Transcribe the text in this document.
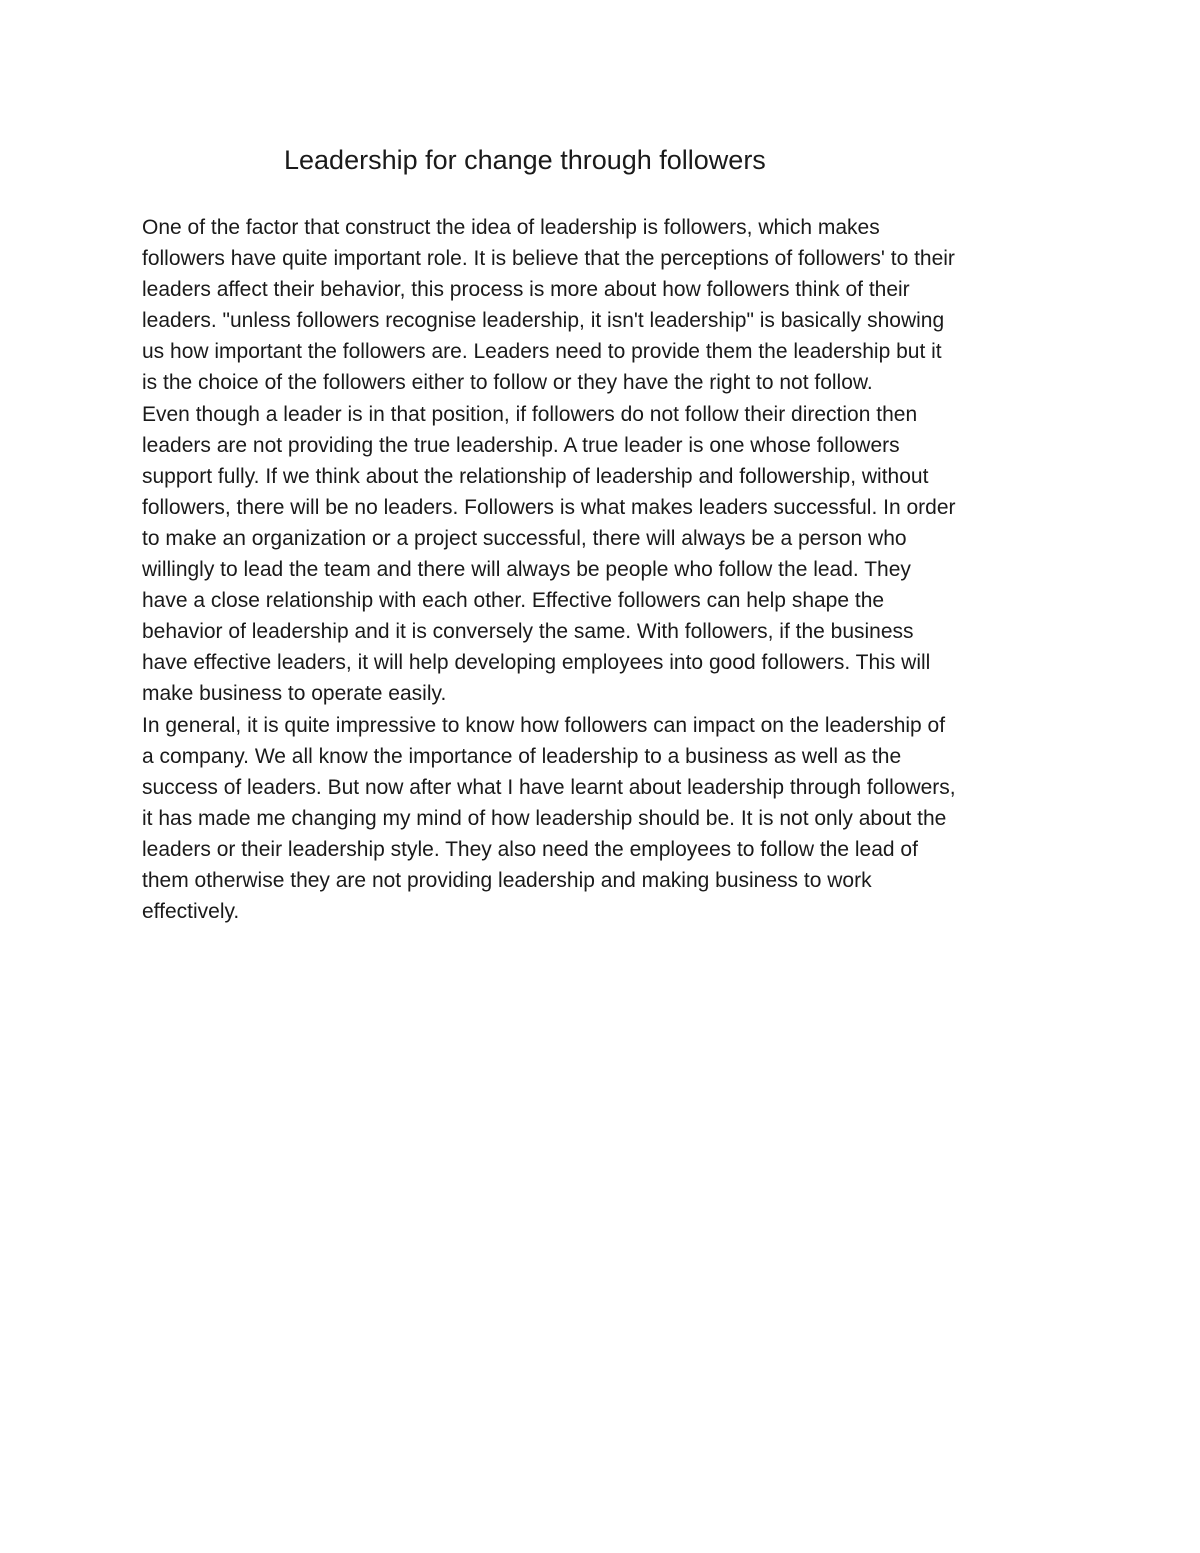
Leadership for change through followers
One of the factor that construct the idea of leadership is followers, which makes
followers have quite important role. It is believe that the perceptions of followers' to their
leaders affect their behavior, this process is more about how followers think of their
leaders. "unless followers recognise leadership, it isn't leadership" is basically showing
us how important the followers are. Leaders need to provide them the leadership but it
is the choice of the followers either to follow or they have the right to not follow.
Even though a leader is in that position, if followers do not follow their direction then
leaders are not providing the true leadership. A true leader is one whose followers
support fully. If we think about the relationship of leadership and followership, without
followers, there will be no leaders. Followers is what makes leaders successful. In order
to make an organization or a project successful, there will always be a person who
willingly to lead the team and there will always be people who follow the lead. They
have a close relationship with each other. Effective followers can help shape the
behavior of leadership and it is conversely the same. With followers, if the business
have effective leaders, it will help developing employees into good followers. This will
make business to operate easily.
In general, it is quite impressive to know how followers can impact on the leadership of
a company. We all know the importance of leadership to a business as well as the
success of leaders. But now after what I have learnt about leadership through followers,
it has made me changing my mind of how leadership should be. It is not only about the
leaders or their leadership style. They also need the employees to follow the lead of
them otherwise they are not providing leadership and making business to work
effectively.
